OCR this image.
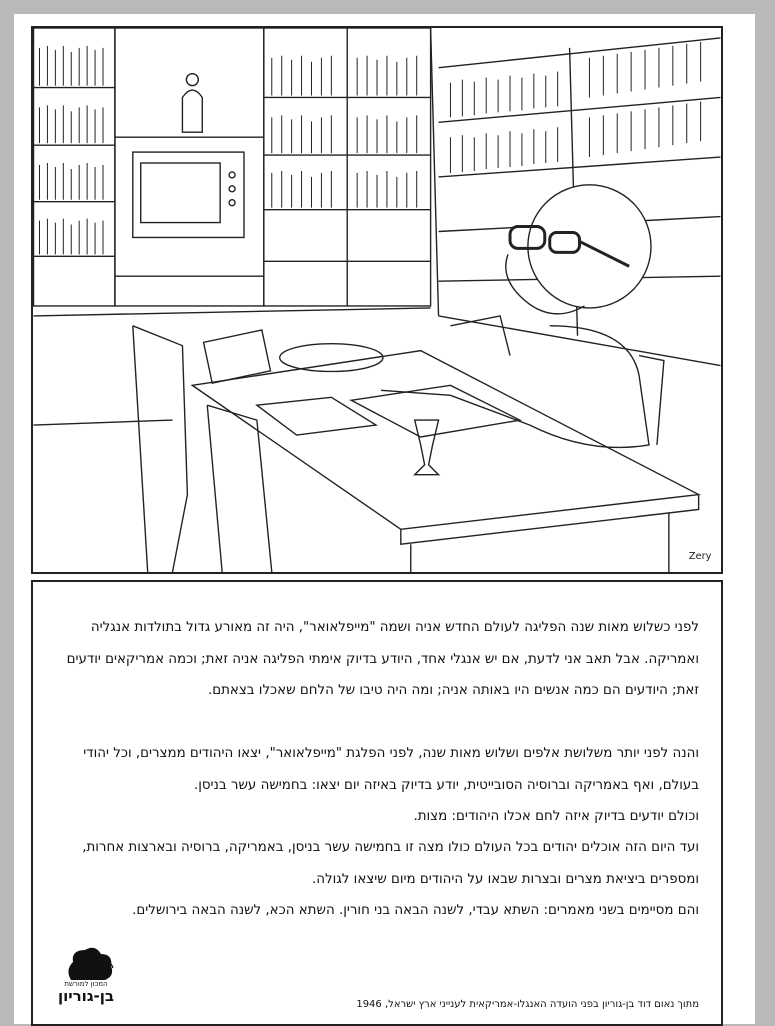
Zery
לפני כשלוש מאות שנה הפליגה לעולם החדש אניה ושמה "מייפלאואר", היה זה מאורע גדול בתולדות אנגליה ואמריקה. אבל תאב אני לדעת, אם יש אנגלי אחד, היודע בדיוק אימתי הפליגה אניה זאת; וכמה אמריקאים יודעים זאת; היודעים הם כמה אנשים היו באותה אניה; ומה היה טיבו של הלחם שאכלו בצאתם.
והנה לפני יותר משלושת אלפים ושלוש מאות שנה, לפני הפלגת "מייפלאואר", יצאו היהודים ממצרים, וכל יהודי בעולם, ואף באמריקה וברוסיה הסובייטית, יודע בדיוק באיזה יום יצאו: בחמישה עשר בניסן.
וכולם יודעים בדיוק איזה לחם אכלו היהודים: מצות.
ועד היום הזה אוכלים יהודים בכל העולם כולו מצה זו בחמישה עשר בניסן, באמריקה, ברוסיה ובארצות אחרות, ומספרים ביציאת מצרים ובצרות שבאו על היהודים מיום שיצאו לגולה.
והם מסיימים בשני מאמרים: השתא עבדי, לשנה הבאה בני חורין. השתא הכא, לשנה הבאה בירושלים.
מתוך נאום דוד בן-גוריון בפני הועדה האנגלו-אמריקאית לענייני ארץ ישראל, 1946
המכון למורשת
בן-גוריון
